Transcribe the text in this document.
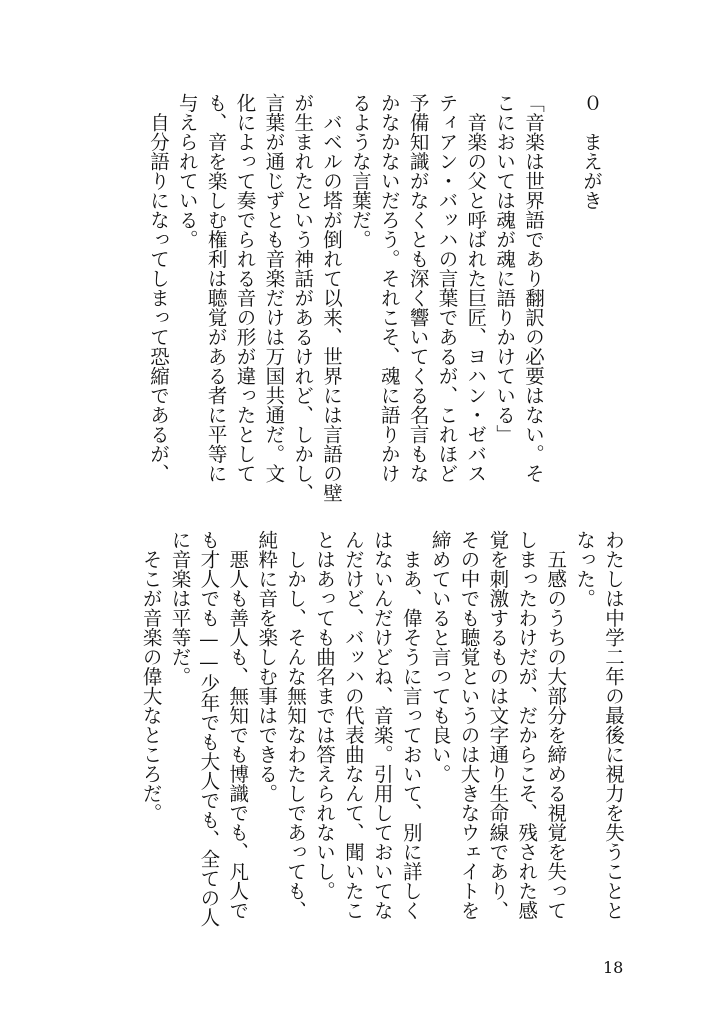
０　まえがき
「音楽は世界語であり翻訳の必要はない。そ
こにおいては魂が魂に語りかけている」
　音楽の父と呼ばれた巨匠、ヨハン・ゼバス
ティアン・バッハの言葉であるが、これほど
予備知識がなくとも深く響いてくる名言もな
かなかないだろう。それこそ、魂に語りかけ
るような言葉だ。
　バベルの塔が倒れて以来、世界には言語の壁
が生まれたという神話があるけれど、しかし、
言葉が通じずとも音楽だけは万国共通だ。文
化によって奏でられる音の形が違ったとして
も、音を楽しむ権利は聴覚がある者に平等に
与えられている。
　自分語りになってしまって恐縮であるが、
わたしは中学二年の最後に視力を失うことと
なった。
　五感のうちの大部分を締める視覚を失って
しまったわけだが、だからこそ、残された感
覚を刺激するものは文字通り生命線であり、
その中でも聴覚というのは大きなウェイトを
締めていると言っても良い。
　まあ、偉そうに言っておいて、別に詳しく
はないんだけどね、音楽。引用しておいてな
んだけど、バッハの代表曲なんて、聞いたこ
とはあっても曲名までは答えられないし。
　しかし、そんな無知なわたしであっても、
純粋に音を楽しむ事はできる。
　悪人も善人も、無知でも博識でも、凡人で
も才人でも——少年でも大人でも、全ての人
に音楽は平等だ。
　そこが音楽の偉大なところだ。
18
